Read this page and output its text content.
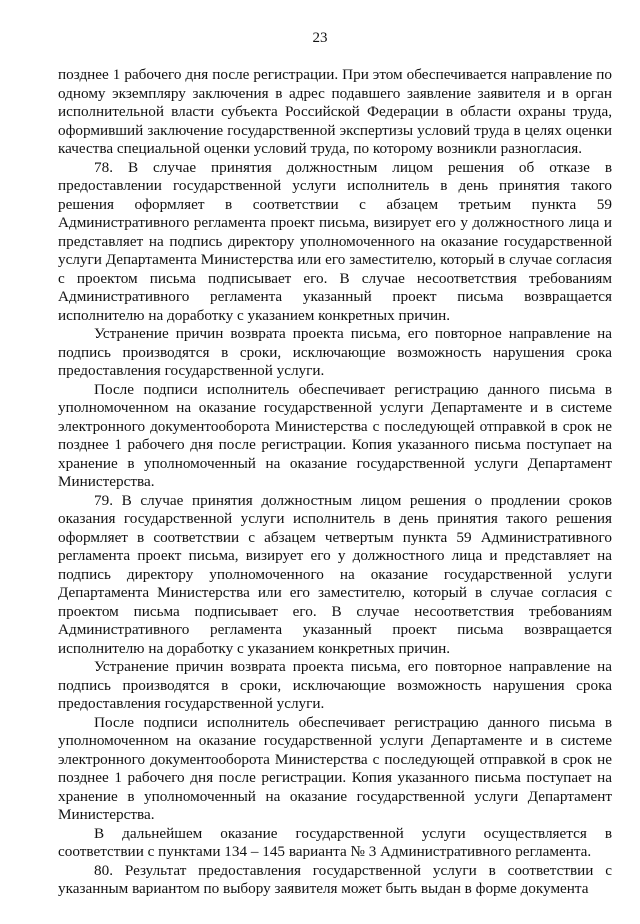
23

позднее 1 рабочего дня после регистрации. При этом обеспечивается направление по одному экземпляру заключения в адрес подавшего заявление заявителя и в орган исполнительной власти субъекта Российской Федерации в области охраны труда, оформивший заключение государственной экспертизы условий труда в целях оценки качества специальной оценки условий труда, по которому возникли разногласия.

78. В случае принятия должностным лицом решения об отказе в предоставлении государственной услуги исполнитель в день принятия такого решения оформляет в соответствии с абзацем третьим пункта 59 Административного регламента проект письма, визирует его у должностного лица и представляет на подпись директору уполномоченного на оказание государственной услуги Департамента Министерства или его заместителю, который в случае согласия с проектом письма подписывает его. В случае несоответствия требованиям Административного регламента указанный проект письма возвращается исполнителю на доработку с указанием конкретных причин.

Устранение причин возврата проекта письма, его повторное направление на подпись производятся в сроки, исключающие возможность нарушения срока предоставления государственной услуги.

После подписи исполнитель обеспечивает регистрацию данного письма в уполномоченном на оказание государственной услуги Департаменте и в системе электронного документооборота Министерства с последующей отправкой в срок не позднее 1 рабочего дня после регистрации. Копия указанного письма поступает на хранение в уполномоченный на оказание государственной услуги Департамент Министерства.

79. В случае принятия должностным лицом решения о продлении сроков оказания государственной услуги исполнитель в день принятия такого решения оформляет в соответствии с абзацем четвертым пункта 59 Административного регламента проект письма, визирует его у должностного лица и представляет на подпись директору уполномоченного на оказание государственной услуги Департамента Министерства или его заместителю, который в случае согласия с проектом письма подписывает его. В случае несоответствия требованиям Административного регламента указанный проект письма возвращается исполнителю на доработку с указанием конкретных причин.

Устранение причин возврата проекта письма, его повторное направление на подпись производятся в сроки, исключающие возможность нарушения срока предоставления государственной услуги.

После подписи исполнитель обеспечивает регистрацию данного письма в уполномоченном на оказание государственной услуги Департаменте и в системе электронного документооборота Министерства с последующей отправкой в срок не позднее 1 рабочего дня после регистрации. Копия указанного письма поступает на хранение в уполномоченный на оказание государственной услуги Департамент Министерства.

В дальнейшем оказание государственной услуги осуществляется в соответствии с пунктами 134 – 145 варианта № 3 Административного регламента.

80. Результат предоставления государственной услуги в соответствии с указанным вариантом по выбору заявителя может быть выдан в форме документа
